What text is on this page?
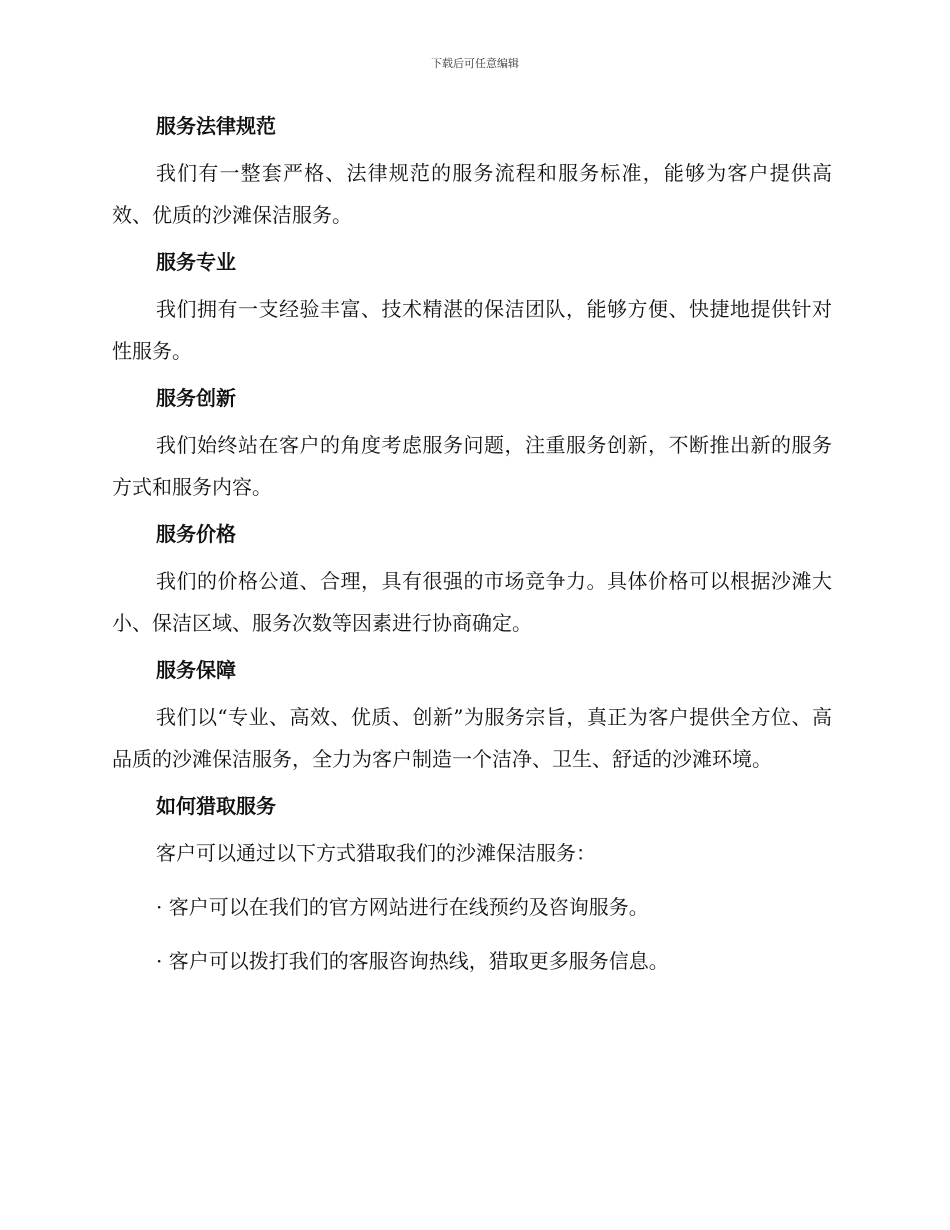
下载后可任意编辑
服务法律规范

我们有一整套严格、法律规范的服务流程和服务标准，能够为客户提供高效、优质的沙滩保洁服务。

服务专业

我们拥有一支经验丰富、技术精湛的保洁团队，能够方便、快捷地提供针对性服务。

服务创新

我们始终站在客户的角度考虑服务问题，注重服务创新，不断推出新的服务方式和服务内容。

服务价格

我们的价格公道、合理，具有很强的市场竞争力。具体价格可以根据沙滩大小、保洁区域、服务次数等因素进行协商确定。

服务保障

我们以“专业、高效、优质、创新”为服务宗旨，真正为客户提供全方位、高品质的沙滩保洁服务，全力为客户制造一个洁净、卫生、舒适的沙滩环境。

如何猎取服务

客户可以通过以下方式猎取我们的沙滩保洁服务：

· 客户可以在我们的官方网站进行在线预约及咨询服务。

· 客户可以拨打我们的客服咨询热线，猎取更多服务信息。
